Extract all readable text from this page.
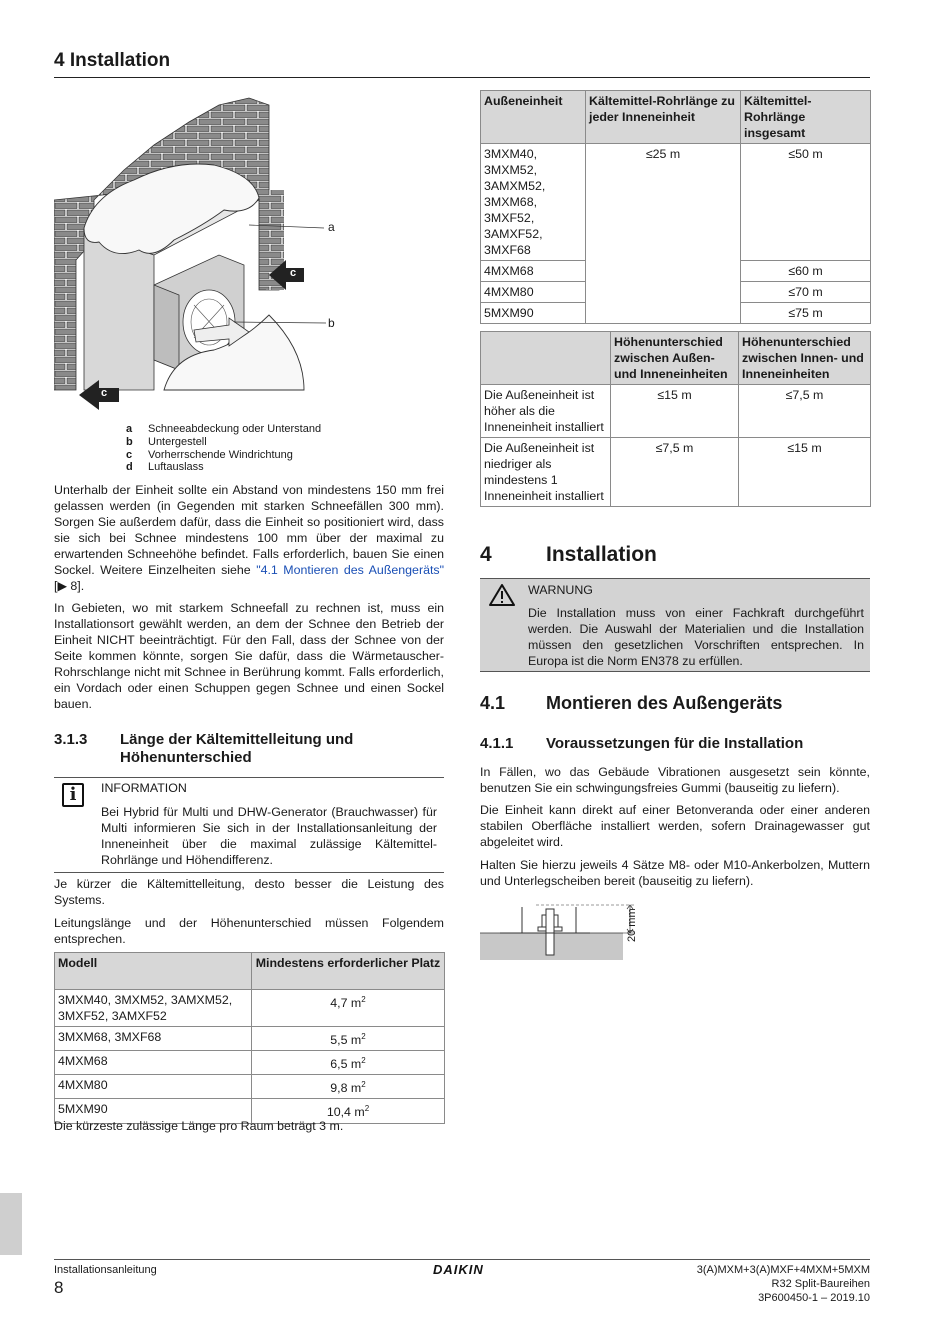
4 Installation
a
b
c
c
a Schneeabdeckung oder Unterstand
b Untergestell
c Vorherrschende Windrichtung
d Luftauslass

Unterhalb der Einheit sollte ein Abstand von mindestens 150 mm frei gelassen werden (in Gegenden mit starken Schneefällen 300 mm). Sorgen Sie außerdem dafür, dass die Einheit so positioniert wird, dass sie sich bei Schnee mindestens 100 mm über der maximal zu erwartenden Schneehöhe befindet. Falls erforderlich, bauen Sie einen Sockel. Weitere Einzelheiten siehe "4.1 Montieren des Außengeräts" [▶ 8].

In Gebieten, wo mit starkem Schneefall zu rechnen ist, muss ein Installationsort gewählt werden, an dem der Schnee den Betrieb der Einheit NICHT beeinträchtigt. Für den Fall, dass der Schnee von der Seite kommen könnte, sorgen Sie dafür, dass die Wärmetauscher-Rohrschlange nicht mit Schnee in Berührung kommt. Falls erforderlich, ein Vordach oder einen Schuppen gegen Schnee und einen Sockel bauen.

3.1.3 Länge der Kältemittelleitung und
Höhenunterschied
i	INFORMATION

Bei Hybrid für Multi und DHW-Generator (Brauchwasser) für Multi informieren Sie sich in der Installationsanleitung der Inneneinheit über die maximal zulässige Kältemittel-Rohrlänge und Höhendifferenz.

Je kürzer die Kältemittelleitung, desto besser die Leistung des Systems.

Leitungslänge und der Höhenunterschied müssen Folgendem entsprechen.

Modell	Mindestens erforderlicher Platz
3MXM40, 3MXM52, 3AMXM52, 3MXF52, 3AMXF52	4,7 $m^2$
3MXM68, 3MXF68	5,5 $m^2$
4MXM68	6,5 $m^2$
4MXM80	9,8 $m^2$
5MXM90	10,4 $m^2$

Die kürzeste zulässige Länge pro Raum beträgt 3 m.

Außeneinheit	Kältemittel-Rohrlänge zu jeder Inneneinheit	Kältemittel-Rohrlänge insgesamt
3MXM40, 3MXM52, 3AMXM52, 3MXM68, 3MXF52, 3AMXF52, 3MXF68	≤25 m	≤50 m
4MXM68		≤60 m
4MXM80		≤70 m
5MXM90		≤75 m
	Höhenunterschied zwischen Außen- und Inneneinheiten	Höhenunterschied zwischen Innen- und Inneneinheiten
Die Außeneinheit ist höher als die Inneneinheit installiert	≤15 m	≤7,5 m
Die Außeneinheit ist niedriger als mindestens 1 Inneneinheit installiert	≤7,5 m	≤15 m
4	Installation
WARNUNG

Die Installation muss von einer Fachkraft durchgeführt werden. Die Auswahl der Materialien und die Installation müssen den gesetzlichen Vorschriften entsprechen. In Europa ist die Norm EN378 zu erfüllen.

4.1 Montieren des Außengeräts
4.1.1 Voraussetzungen für die Installation

In Fällen, wo das Gebäude Vibrationen ausgesetzt sein könnte, benutzen Sie ein schwingungsfreies Gummi (bauseitig zu liefern).

Die Einheit kann direkt auf einer Betonveranda oder einer anderen stabilen Oberfläche installiert werden, sofern Drainagewasser gut abgeleitet wird.

Halten Sie hierzu jeweils 4 Sätze M8- oder M10-Ankerbolzen, Muttern und Unterlegscheiben bereit (bauseitig zu liefern).

20 mm
Installationsanleitung
8
DAIKIN	3(A)MXM+3(A)MXF+4MXM+5MXM
R32 Split-Baureihen
3P600450-1 – 2019.10
